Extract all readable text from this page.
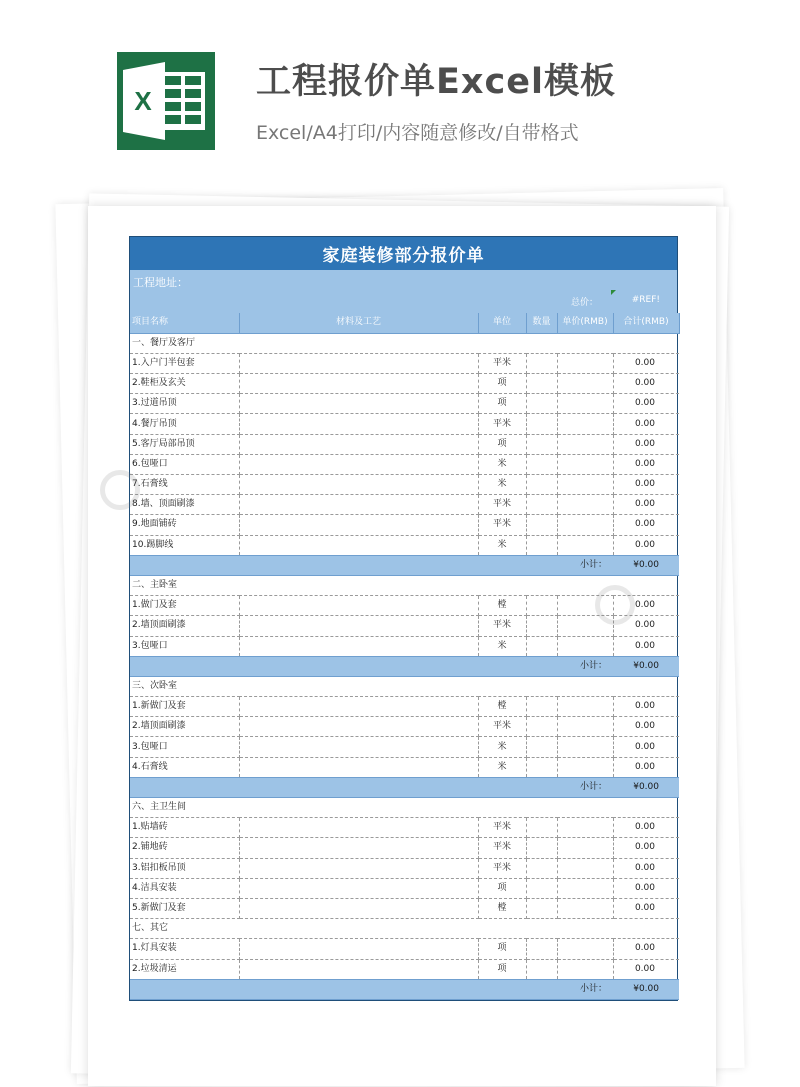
X	工程报价单Excel模板
Excel/A4打印/内容随意修改/自带格式
家庭装修部分报价单
工程地址：
总价：	#REF!
项目名称	材料及工艺	单位	数量	单价(RMB)	合计(RMB)
一、餐厅及客厅					
1.入户门半包套		平米			0.00
2.鞋柜及玄关		项			0.00
3.过道吊顶		项			0.00
4.餐厅吊顶		平米			0.00
5.客厅局部吊顶		项			0.00
6.包哑口		米			0.00
7.石膏线		米			0.00
8.墙、顶面刷漆		平米			0.00
9.地面铺砖		平米			0.00
10.踢脚线		米			0.00
				小计：	¥0.00
二、主卧室					
1.做门及套		樘			0.00
2.墙顶面刷漆		平米			0.00
3.包哑口		米			0.00
				小计：	¥0.00
三、次卧室					
1.新做门及套		樘			0.00
2.墙顶面刷漆		平米			0.00
3.包哑口		米			0.00
4.石膏线		米			0.00
				小计：	¥0.00
六、主卫生间					
1.贴墙砖		平米			0.00
2.铺地砖		平米			0.00
3.铝扣板吊顶		平米			0.00
4.洁具安装		项			0.00
5.新做门及套		樘			0.00
七、其它					
1.灯具安装		项			0.00
2.垃圾清运		项			0.00
				小计：	¥0.00
